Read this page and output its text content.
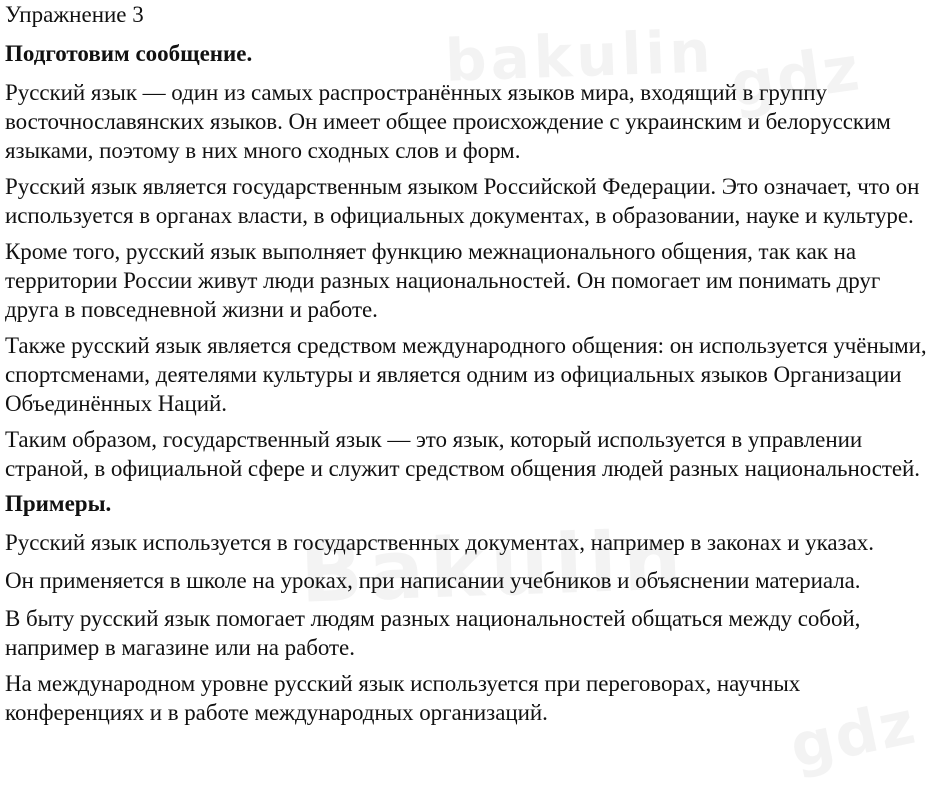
Упражнение 3
Подготовим сообщение.

Русский язык — один из самых распространённых языков мира, входящий в группу восточнославянских языков. Он имеет общее происхождение с украинским и белорусским языками, поэтому в них много сходных слов и форм.

Русский язык является государственным языком Российской Федерации. Это означает, что он используется в органах власти, в официальных документах, в образовании, науке и культуре.

Кроме того, русский язык выполняет функцию межнационального общения, так как на территории России живут люди разных национальностей. Он помогает им понимать друг друга в повседневной жизни и работе.

Также русский язык является средством международного общения: он используется учёными, спортсменами, деятелями культуры и является одним из официальных языков Организации Объединённых Наций.

Таким образом, государственный язык — это язык, который используется в управлении страной, в официальной сфере и служит средством общения людей разных национальностей.

Примеры.

Русский язык используется в государственных документах, например в законах и указах.

Он применяется в школе на уроках, при написании учебников и объяснении материала.

В быту русский язык помогает людям разных национальностей общаться между собой, например в магазине или на работе.

На международном уровне русский язык используется при переговорах, научных конференциях и в работе международных организаций.
